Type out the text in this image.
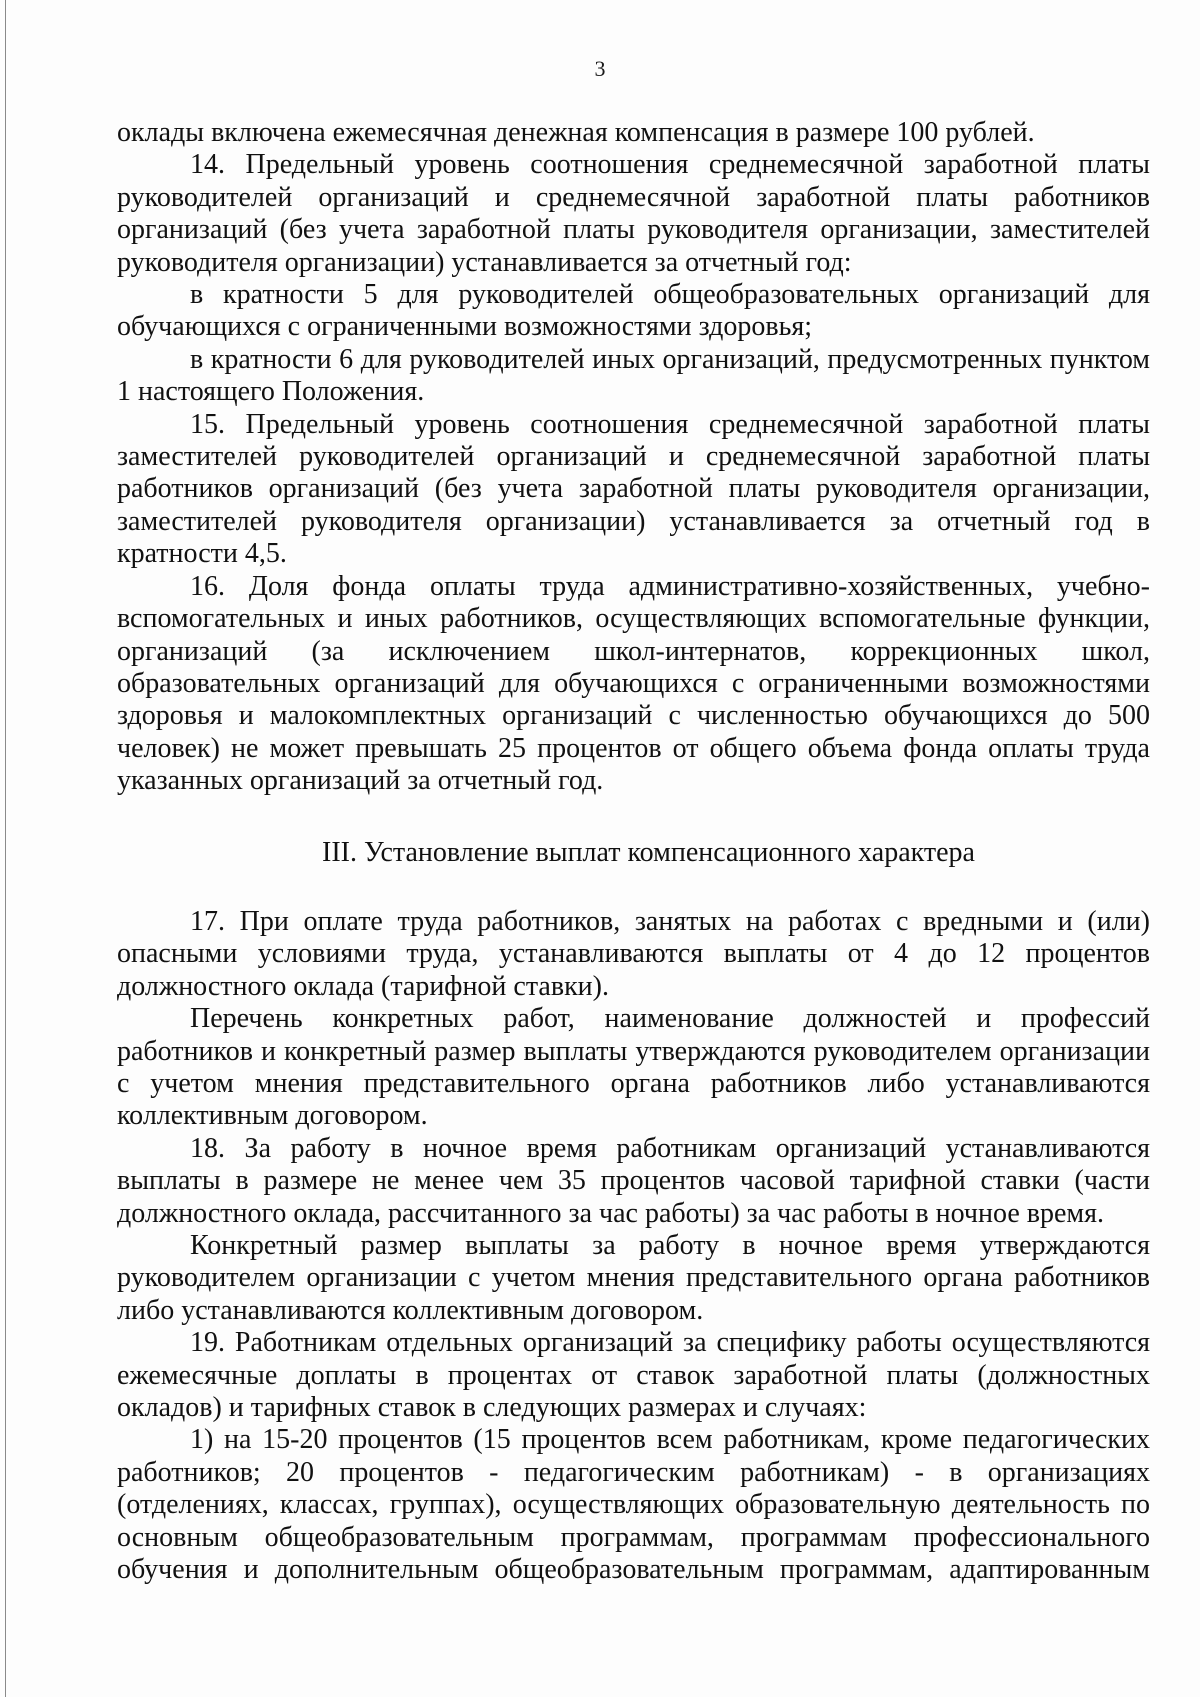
3

оклады включена ежемесячная денежная компенсация в размере 100 рублей.

14. Предельный уровень соотношения среднемесячной заработной платы руководителей организаций и среднемесячной заработной платы работников организаций (без учета заработной платы руководителя организации, заместителей руководителя организации) устанавливается за отчетный год:

в кратности 5 для руководителей общеобразовательных организаций для обучающихся с ограниченными возможностями здоровья;

в кратности 6 для руководителей иных организаций, предусмотренных пунктом 1 настоящего Положения.

15. Предельный уровень соотношения среднемесячной заработной платы заместителей руководителей организаций и среднемесячной заработной платы работников организаций (без учета заработной платы руководителя организации, заместителей руководителя организации) устанавливается за отчетный год в кратности 4,5.

16. Доля фонда оплаты труда административно-хозяйственных, учебно-вспомогательных и иных работников, осуществляющих вспомогательные функции, организаций (за исключением школ-интернатов, коррекционных школ, образовательных организаций для обучающихся с ограниченными возможностями здоровья и малокомплектных организаций с численностью обучающихся до 500 человек) не может превышать 25 процентов от общего объема фонда оплаты труда указанных организаций за отчетный год.

III. Установление выплат компенсационного характера

17. При оплате труда работников, занятых на работах с вредными и (или) опасными условиями труда, устанавливаются выплаты от 4 до 12 процентов должностного оклада (тарифной ставки).

Перечень конкретных работ, наименование должностей и профессий работников и конкретный размер выплаты утверждаются руководителем организации с учетом мнения представительного органа работников либо устанавливаются коллективным договором.

18. За работу в ночное время работникам организаций устанавливаются выплаты в размере не менее чем 35 процентов часовой тарифной ставки (части должностного оклада, рассчитанного за час работы) за час работы в ночное время.

Конкретный размер выплаты за работу в ночное время утверждаются руководителем организации с учетом мнения представительного органа работников либо устанавливаются коллективным договором.

19. Работникам отдельных организаций за специфику работы осуществляются ежемесячные доплаты в процентах от ставок заработной платы (должностных окладов) и тарифных ставок в следующих размерах и случаях:

1) на 15-20 процентов (15 процентов всем работникам, кроме педагогических работников; 20 процентов - педагогическим работникам) - в организациях (отделениях, классах, группах), осуществляющих образовательную деятельность по основным общеобразовательным программам, программам профессионального обучения и дополнительным общеобразовательным программам, адаптированным
